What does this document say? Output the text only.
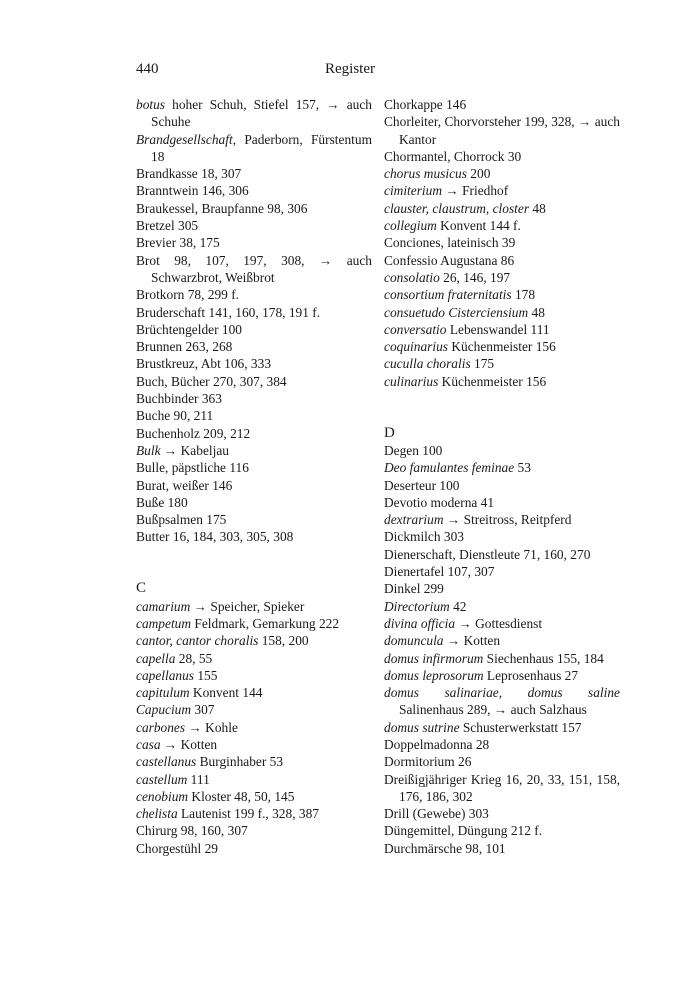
440	Register
botus hoher Schuh, Stiefel 157, → auch Schuhe
Brandgesellschaft, Paderborn, Fürstentum 18
Brandkasse 18, 307
Branntwein 146, 306
Braukessel, Braupfanne 98, 306
Bretzel 305
Brevier 38, 175
Brot 98, 107, 197, 308, → auch Schwarzbrot, Weißbrot
Brotkorn 78, 299 f.
Bruderschaft 141, 160, 178, 191 f.
Brüchtengelder 100
Brunnen 263, 268
Brustkreuz, Abt 106, 333
Buch, Bücher 270, 307, 384
Buchbinder 363
Buche 90, 211
Buchenholz 209, 212
Bulk → Kabeljau
Bulle, päpstliche 116
Burat, weißer 146
Buße 180
Bußpsalmen 175
Butter 16, 184, 303, 305, 308
C
camarium → Speicher, Spieker
campetum Feldmark, Gemarkung 222
cantor, cantor choralis 158, 200
capella 28, 55
capellanus 155
capitulum Konvent 144
Capucium 307
carbones → Kohle
casa → Kotten
castellanus Burginhaber 53
castellum 111
cenobium Kloster 48, 50, 145
chelista Lautenist 199 f., 328, 387
Chirurg 98, 160, 307
Chorgestühl 29
Chorkappe 146
Chorleiter, Chorvorsteher 199, 328, → auch Kantor
Chormantel, Chorrock 30
chorus musicus 200
cimiterium → Friedhof
clauster, claustrum, closter 48
collegium Konvent 144 f.
Conciones, lateinisch 39
Confessio Augustana 86
consolatio 26, 146, 197
consortium fraternitatis 178
consuetudo Cisterciensium 48
conversatio Lebenswandel 111
coquinarius Küchenmeister 156
cuculla choralis 175
culinarius Küchenmeister 156
D
Degen 100
Deo famulantes feminae 53
Deserteur 100
Devotio moderna 41
dextrarium → Streitross, Reitpferd
Dickmilch 303
Dienerschaft, Dienstleute 71, 160, 270
Dienertafel 107, 307
Dinkel 299
Directorium 42
divina officia → Gottesdienst
domuncula → Kotten
domus infirmorum Siechenhaus 155, 184
domus leprosorum Leprosenhaus 27
domus salinariae, domus saline Salinenhaus 289, → auch Salzhaus
domus sutrine Schusterwerkstatt 157
Doppelmadonna 28
Dormitorium 26
Dreißigjähriger Krieg 16, 20, 33, 151, 158, 176, 186, 302
Drill (Gewebe) 303
Düngemittel, Düngung 212 f.
Durchmärsche 98, 101
